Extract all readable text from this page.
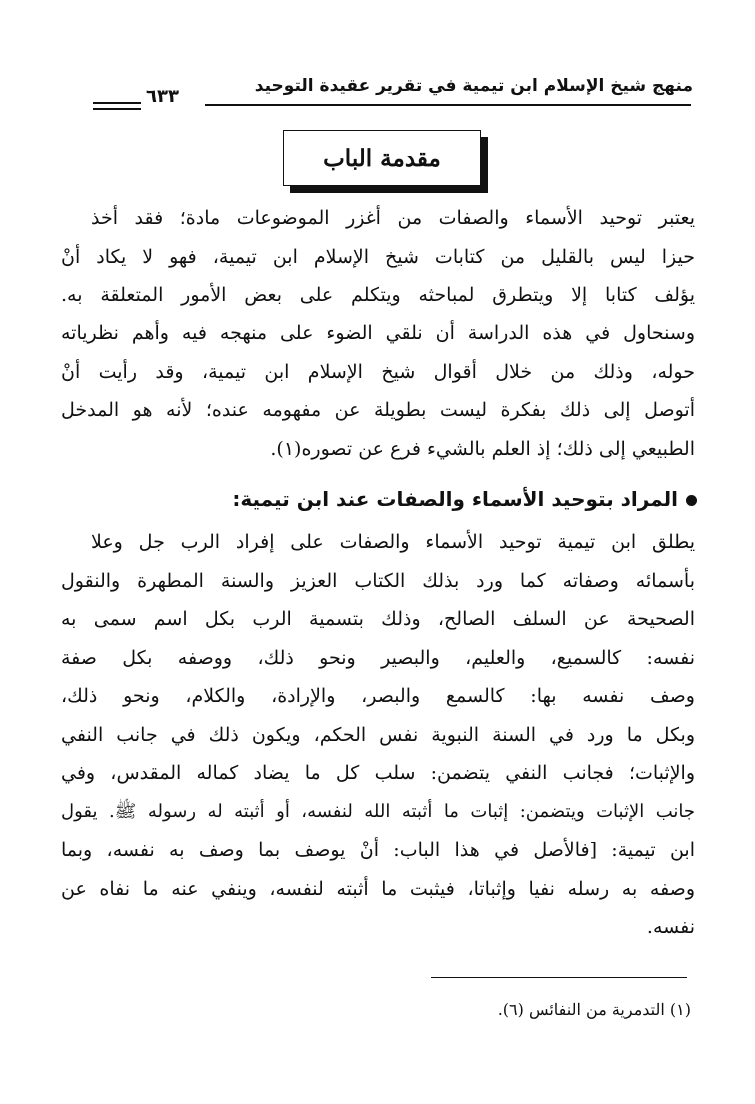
منهج شيخ الإسلام ابن تيمية في تقرير عقيدة التوحيد
٦٣٣
مقدمة الباب
يعتبر توحيد الأسماء والصفات من أغزر الموضوعات مادة؛ فقد أخذ
حيزا ليس بالقليل من كتابات شيخ الإسلام ابن تيمية، فهو لا يكاد أنْ
يؤلف كتابا إلا ويتطرق لمباحثه ويتكلم على بعض الأمور المتعلقة به.
وسنحاول في هذه الدراسة أن نلقي الضوء على منهجه فيه وأهم نظرياته
حوله، وذلك من خلال أقوال شيخ الإسلام ابن تيمية، وقد رأيت أنْ
أتوصل إلى ذلك بفكرة ليست بطويلة عن مفهومه عنده؛ لأنه هو المدخل
الطبيعي إلى ذلك؛ إذ العلم بالشيء فرع عن تصوره(١).
المراد بتوحيد الأسماء والصفات عند ابن تيمية:
يطلق ابن تيمية توحيد الأسماء والصفات على إفراد الرب جل وعلا
بأسمائه وصفاته كما ورد بذلك الكتاب العزيز والسنة المطهرة والنقول
الصحيحة عن السلف الصالح، وذلك بتسمية الرب بكل اسم سمى به
نفسه: كالسميع، والعليم، والبصير ونحو ذلك، ووصفه بكل صفة
وصف نفسه بها: كالسمع والبصر، والإرادة، والكلام، ونحو ذلك،
وبكل ما ورد في السنة النبوية نفس الحكم، ويكون ذلك في جانب النفي
والإثبات؛ فجانب النفي يتضمن: سلب كل ما يضاد كماله المقدس، وفي
جانب الإثبات ويتضمن: إثبات ما أثبته الله لنفسه، أو أثبته له رسوله ﷺ. يقول
ابن تيمية: [فالأصل في هذا الباب: أنْ يوصف بما وصف به نفسه، وبما
وصفه به رسله نفيا وإثباتا، فيثبت ما أثبته لنفسه، وينفي عنه ما نفاه عن
نفسه.
(١) التدمرية من النفائس (٦).
